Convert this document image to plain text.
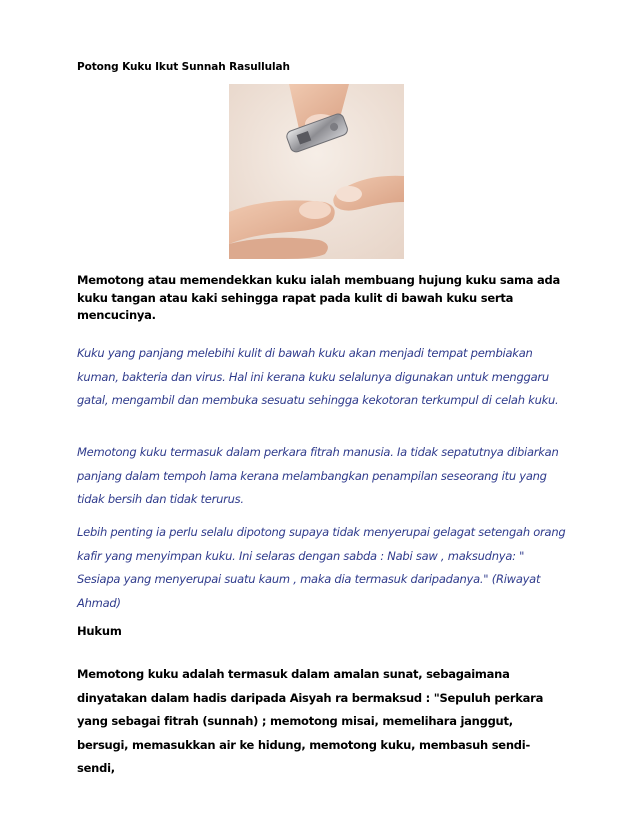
Potong Kuku Ikut Sunnah Rasullulah

Memotong atau memendekkan kuku ialah membuang hujung kuku sama ada kuku tangan atau kaki sehingga rapat pada kulit di bawah kuku serta mencucinya.

Kuku yang panjang melebihi kulit di bawah kuku akan menjadi tempat pembiakan kuman, bakteria dan virus. Hal ini kerana kuku selalunya digunakan untuk menggaru gatal, mengambil dan membuka sesuatu sehingga kekotoran terkumpul di celah kuku.

Memotong kuku termasuk dalam perkara fitrah manusia. Ia tidak sepatutnya dibiarkan panjang dalam tempoh lama kerana melambangkan penampilan seseorang itu yang tidak bersih dan tidak terurus.

Lebih penting ia perlu selalu dipotong supaya tidak menyerupai gelagat setengah orang kafir yang menyimpan kuku. Ini selaras dengan sabda : Nabi saw , maksudnya: " Sesiapa yang menyerupai suatu kaum , maka dia termasuk daripadanya." (Riwayat Ahmad)

Hukum

Memotong kuku adalah termasuk dalam amalan sunat, sebagaimana dinyatakan dalam hadis daripada Aisyah ra bermaksud : "Sepuluh perkara yang sebagai fitrah (sunnah) ; memotong misai, memelihara janggut, bersugi, memasukkan air ke hidung, memotong kuku, membasuh sendi-sendi,
